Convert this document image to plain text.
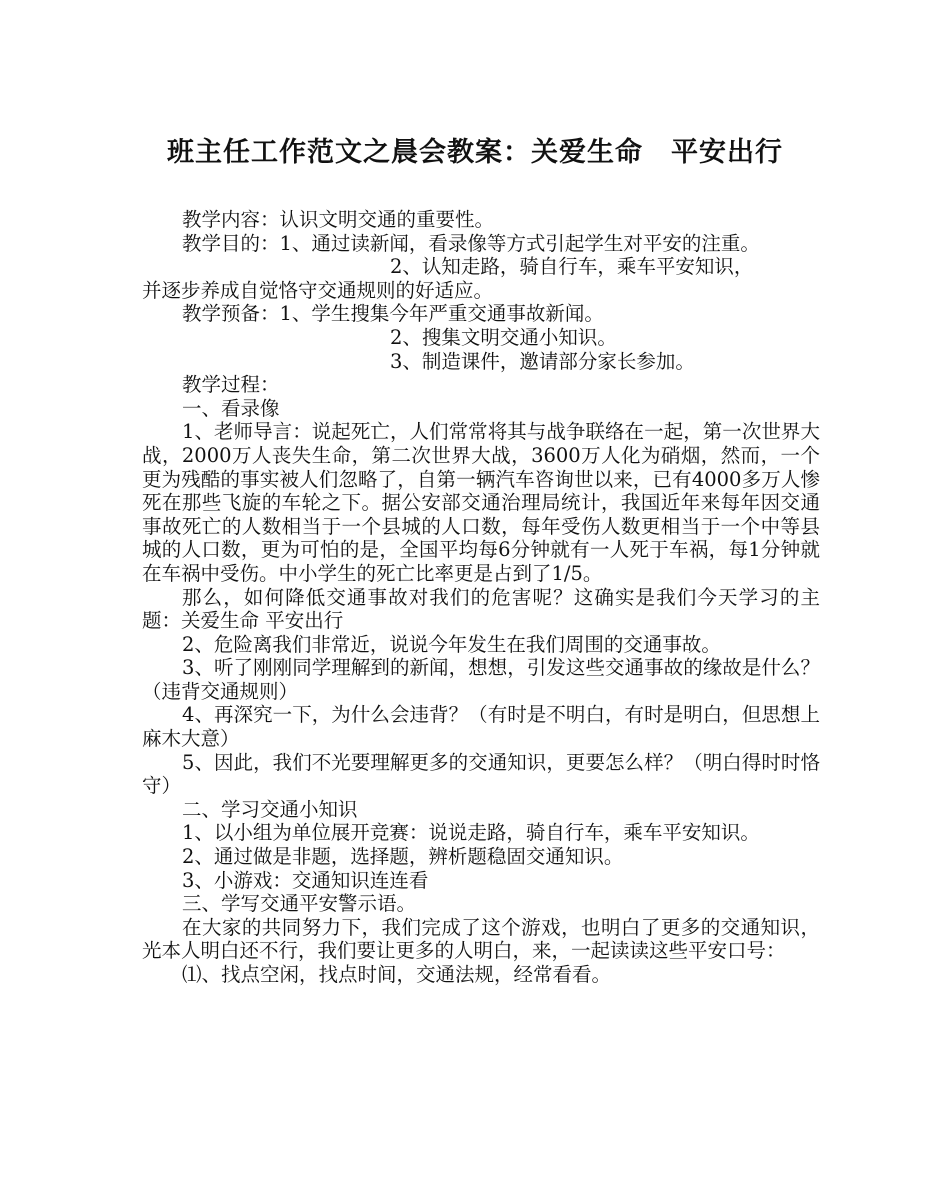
班主任工作范文之晨会教案：关爱生命　平安出行

教学内容：认识文明交通的重要性。

教学目的：1、通过读新闻，看录像等方式引起学生对平安的注重。

2、认知走路，骑自行车，乘车平安知识，

并逐步养成自觉恪守交通规则的好适应。

教学预备：1、学生搜集今年严重交通事故新闻。

2、搜集文明交通小知识。

3、制造课件，邀请部分家长参加。

教学过程：

一、看录像

1、老师导言：说起死亡，人们常常将其与战争联络在一起，第一次世界大战，2000万人丧失生命，第二次世界大战，3600万人化为硝烟，然而，一个更为残酷的事实被人们忽略了，自第一辆汽车咨询世以来，已有4000多万人惨死在那些飞旋的车轮之下。据公安部交通治理局统计，我国近年来每年因交通事故死亡的人数相当于一个县城的人口数，每年受伤人数更相当于一个中等县城的人口数，更为可怕的是，全国平均每6分钟就有一人死于车祸，每1分钟就在车祸中受伤。中小学生的死亡比率更是占到了1/5。

那么，如何降低交通事故对我们的危害呢？这确实是我们今天学习的主题：关爱生命 平安出行

2、危险离我们非常近，说说今年发生在我们周围的交通事故。

3、听了刚刚同学理解到的新闻，想想，引发这些交通事故的缘故是什么？（违背交通规则）

4、再深究一下，为什么会违背？（有时是不明白，有时是明白，但思想上麻木大意）

5、因此，我们不光要理解更多的交通知识，更要怎么样？（明白得时时恪守）

二、学习交通小知识

1、以小组为单位展开竞赛：说说走路，骑自行车，乘车平安知识。

2、通过做是非题，选择题，辨析题稳固交通知识。

3、小游戏：交通知识连连看

三、学写交通平安警示语。

在大家的共同努力下，我们完成了这个游戏，也明白了更多的交通知识，光本人明白还不行，我们要让更多的人明白，来，一起读读这些平安口号：

⑴、找点空闲，找点时间，交通法规，经常看看。
